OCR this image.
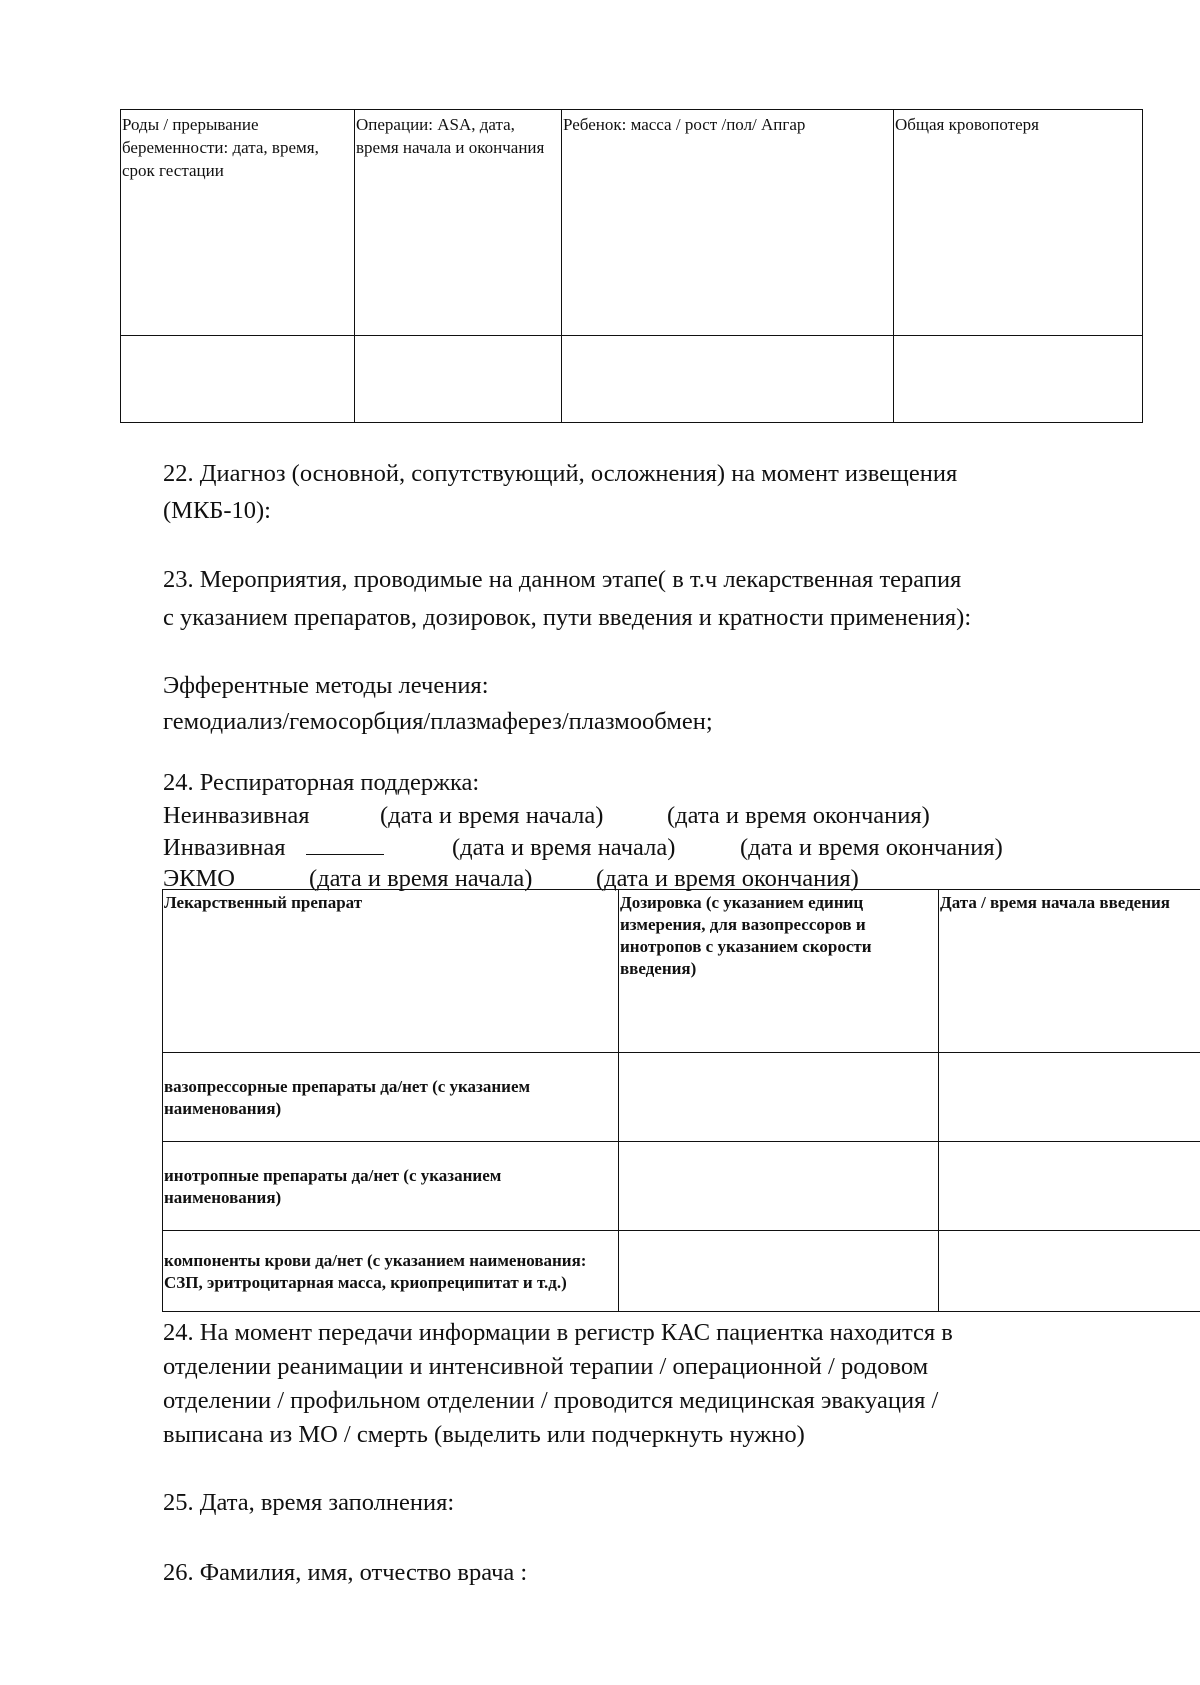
Роды / прерывание беременности: дата, время, срок гестации	Операции: ASA, дата, время начала и окончания	Ребенок: масса / рост /пол/ Апгар	Общая кровопотеря

22. Диагноз (основной, сопутствующий, осложнения) на момент извещения
(МКБ-10):
23. Мероприятия, проводимые на данном этапе( в т.ч лекарственная терапия
с указанием препаратов, дозировок, пути введения и кратности применения):
Эфферентные методы лечения:
гемодиализ/гемосорбция/плазмаферез/плазмообмен;
24. Респираторная поддержка:
Неинвазивная	(дата и время начала)	(дата и время окончания)
Инвазивная	(дата и время начала)	(дата и время окончания)
ЭКМО	(дата и время начала)	(дата и время окончания)
Лекарственный препарат	Дозировка (с указанием единиц измерения, для вазопрессоров и инотропов с указанием скорости введения)	Дата / время начала введения
вазопрессорные препараты да/нет (с указанием наименования)		
инотропные препараты да/нет (с указанием наименования)		
компоненты крови да/нет (с указанием наименования: СЗП, эритроцитарная масса, криопреципитат и т.д.)		
24. На момент передачи информации в регистр КАС пациентка находится в
отделении реанимации и интенсивной терапии / операционной / родовом
отделении / профильном отделении / проводится медицинская эвакуация /
выписана из МО / смерть (выделить или подчеркнуть нужно)
25. Дата, время заполнения:
26. Фамилия, имя, отчество врача :
